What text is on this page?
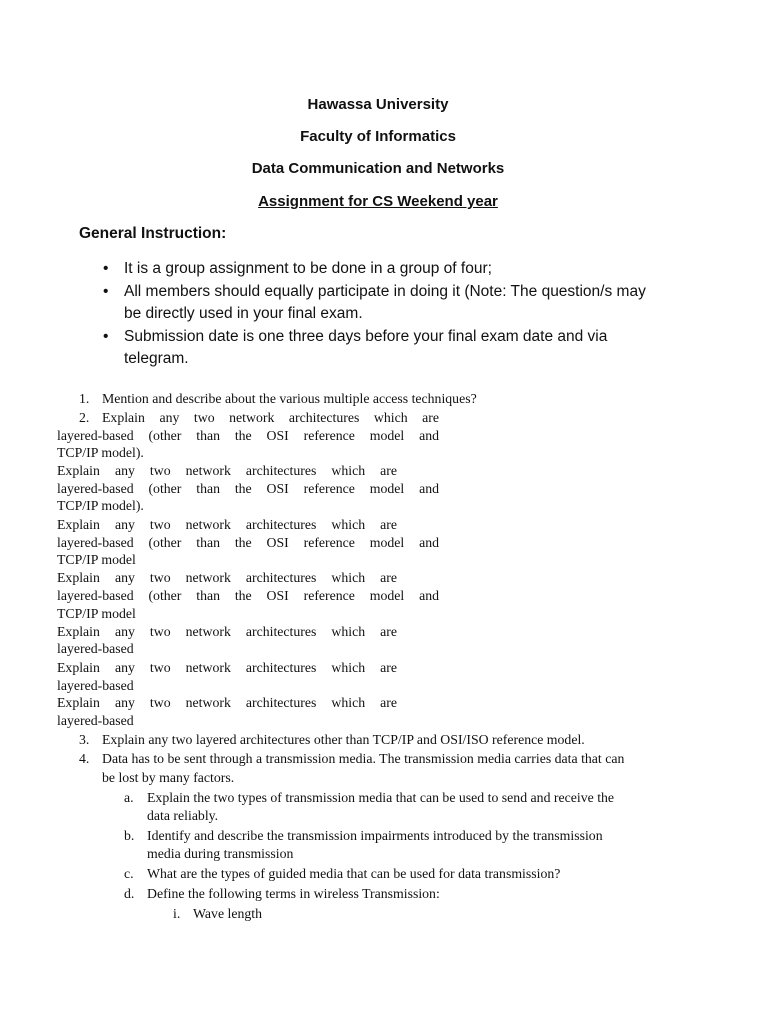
Hawassa University
Faculty of Informatics
Data Communication and Networks
Assignment for CS Weekend year
General Instruction:
• It is a group assignment to be done in a group of four;
• All members should equally participate in doing it (Note: The question/s may
be directly used in your final exam.
• Submission date is one three days before your final exam date and via
telegram.
1. Mention and describe about the various multiple access techniques?
2. Explain any two network architectures which are
layered-based (other than the OSI reference model and
TCP/IP model).
Explain any two network architectures which are
layered-based (other than the OSI reference model and
TCP/IP model).
Explain any two network architectures which are
layered-based (other than the OSI reference model and
TCP/IP model
Explain any two network architectures which are
layered-based (other than the OSI reference model and
TCP/IP model
Explain any two network architectures which are
layered-based
Explain any two network architectures which are
layered-based
Explain any two network architectures which are
layered-based
3. Explain any two layered architectures other than TCP/IP and OSI/ISO reference model.
4. Data has to be sent through a transmission media. The transmission media carries data that can
be lost by many factors.
a. Explain the two types of transmission media that can be used to send and receive the
data reliably.
b. Identify and describe the transmission impairments introduced by the transmission
media during transmission
c. What are the types of guided media that can be used for data transmission?
d. Define the following terms in wireless Transmission:
i. Wave length
